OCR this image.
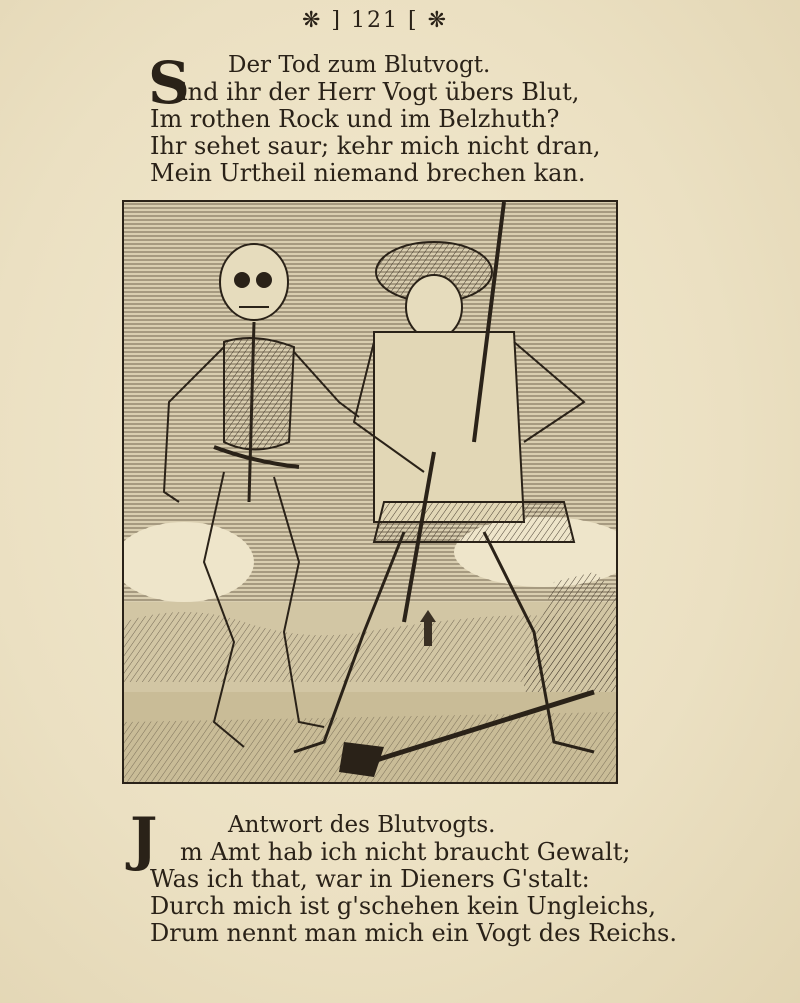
❋ ] 121 [ ❋
S	Der Tod zum Blutvogt.
ind ihr der Herr Vogt übers Blut,
Im rothen Rock und im Belzhuth?
Ihr sehet saur; kehr mich nicht dran,
Mein Urtheil niemand brechen kan.
J	Antwort des Blutvogts.
m Amt hab ich nicht braucht Gewalt;
Was ich that, war in Dieners G'stalt:
Durch mich ist g'schehen kein Ungleichs,
Drum nennt man mich ein Vogt des Reichs.
